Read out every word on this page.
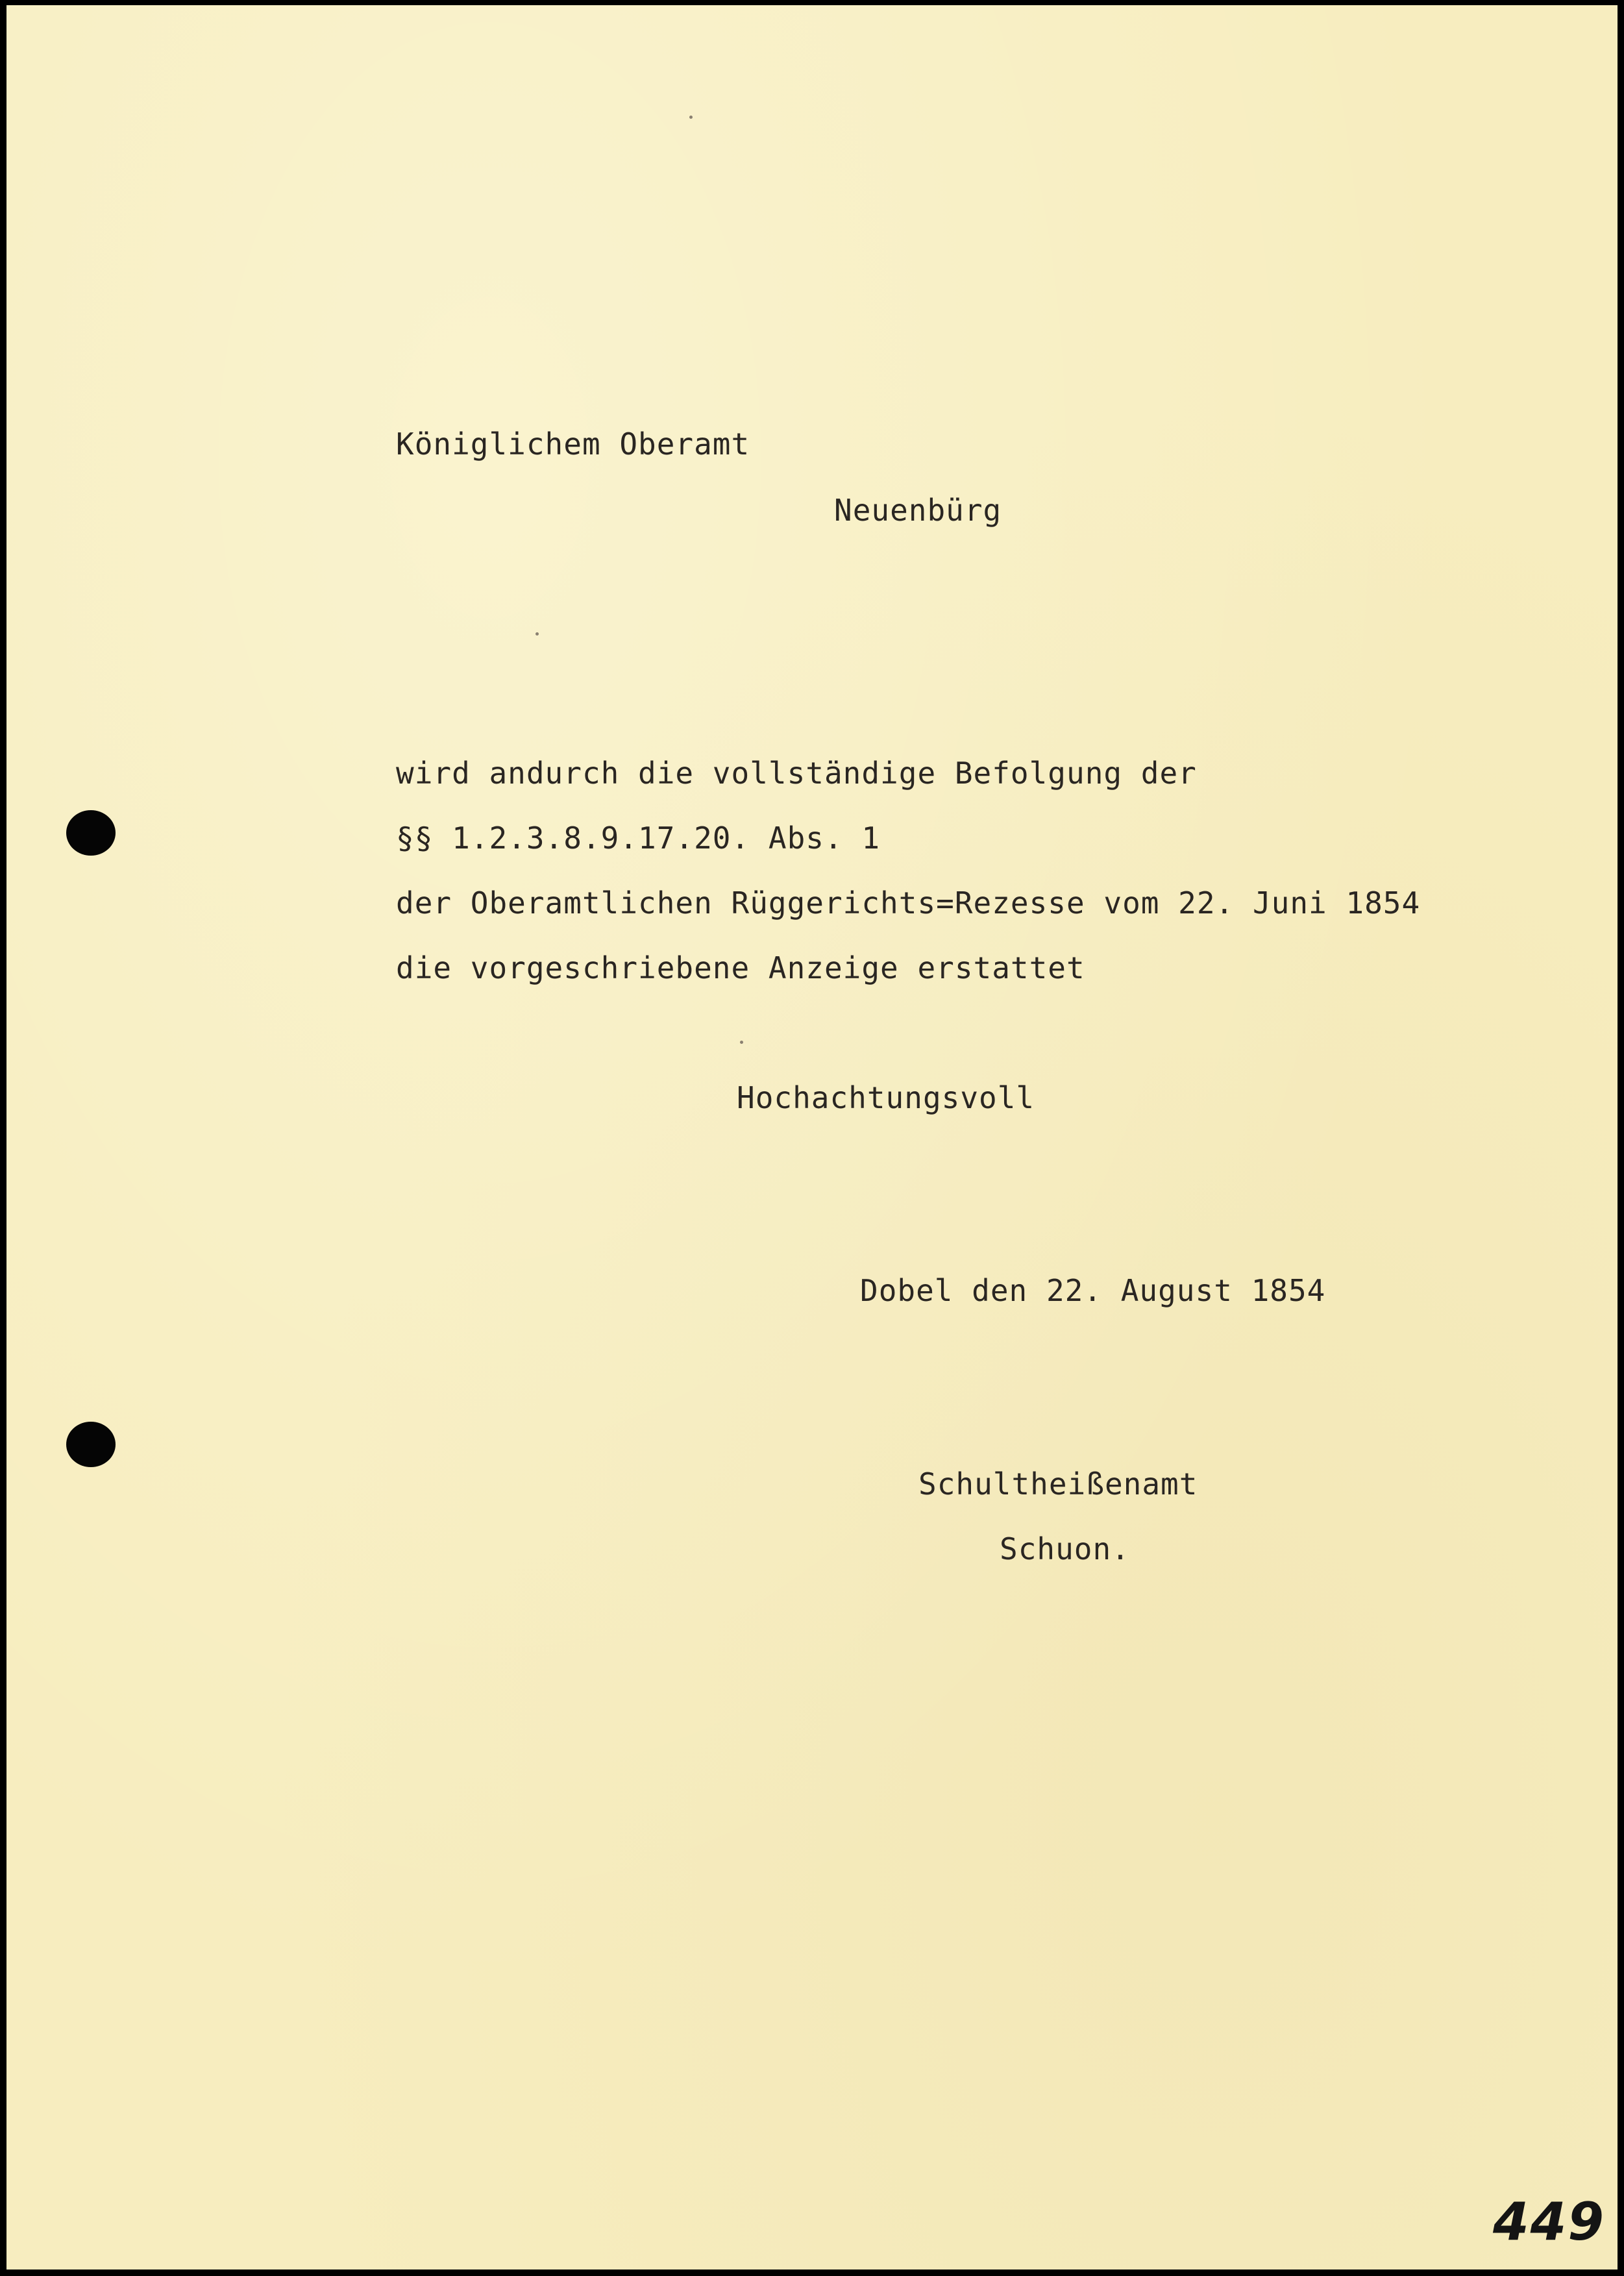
Königlichem Oberamt

Neuenbürg

wird andurch die vollständige Befolgung der

§§ 1.2.3.8.9.17.20. Abs. 1

der Oberamtlichen Rüggerichts=Rezesse vom 22. Juni 1854

die vorgeschriebene Anzeige erstattet

Hochachtungsvoll

Dobel den 22. August 1854

Schultheißenamt

Schuon.

449
